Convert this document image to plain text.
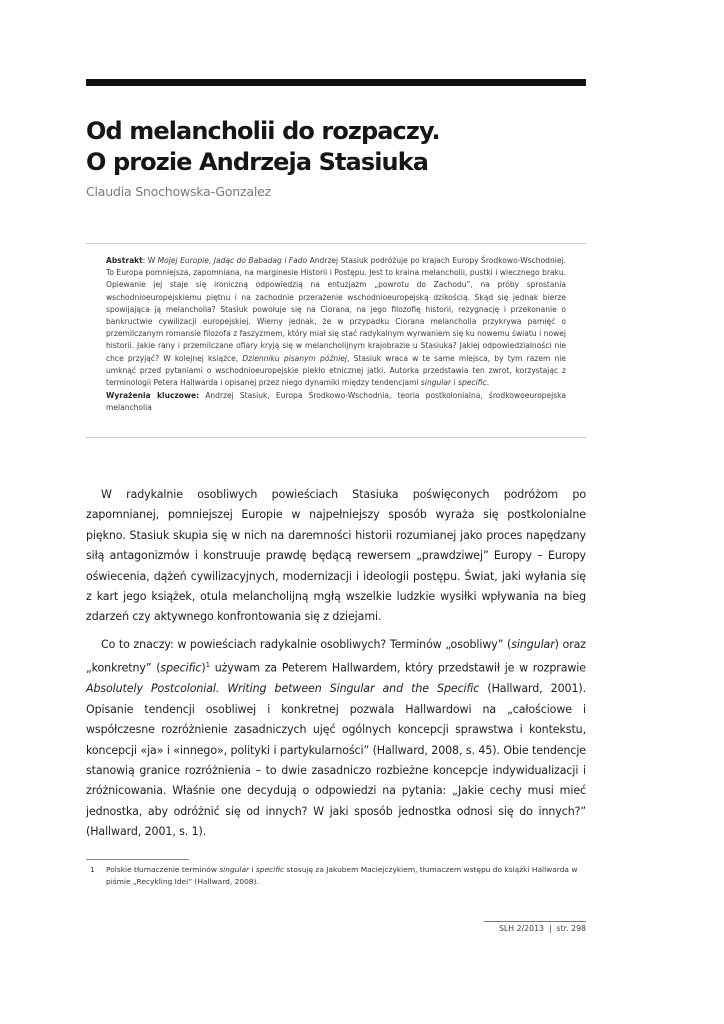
Od melancholii do rozpaczy.
O prozie Andrzeja Stasiuka
Claudia Snochowska-Gonzalez

Abstrakt: W Mojej Europie, Jadąc do Babadag i Fado Andrzej Stasiuk podróżuje po krajach Europy Środkowo-Wschodniej. To Europa pomniejsza, zapomniana, na marginesie Historii i Postępu. Jest to kraina melancholii, pustki i wiecznego braku. Opiewanie jej staje się ironiczną odpowiedzią na entuzjazm „powrotu do Zachodu”, na próby sprostania wschodnioeuropejskiemu piętnu i na zachodnie przerażenie wschodnioeuropejską dzikością. Skąd się jednak bierze spowijająca ją melancholia? Stasiuk powołuje się na Ciorana, na jego filozofię historii, rezygnację i przekonanie o bankructwie cywilizacji europejskiej. Wiemy jednak, że w przypadku Ciorana melancholia przykrywa pamięć o przemilczanym romansie filozofa z faszyzmem, który miał się stać radykalnym wyrwaniem się ku nowemu światu i nowej historii. Jakie rany i przemilczane ofiary kryją się w melancholijnym krajobrazie u Stasiuka? Jakiej odpowiedzialności nie chce przyjąć? W kolejnej książce, Dzienniku pisanym później, Stasiuk wraca w te same miejsca, by tym razem nie umknąć przed pytaniami o wschodnioeuropejskie piekło etnicznej jatki. Autorka przedstawia ten zwrot, korzystając z terminologii Petera Hallwarda i opisanej przez niego dynamiki między tendencjami singular i specific.

Wyrażenia kluczowe: Andrzej Stasiuk, Europa Środkowo-Wschodnia, teoria postkolonialna, środkowoeuropejska melancholia

W radykalnie osobliwych powieściach Stasiuka poświęconych podróżom po zapomnianej, pomniejszej Europie w najpełniejszy sposób wyraża się postkolonialne piękno. Stasiuk skupia się w nich na daremności historii rozumianej jako proces napędzany siłą antagonizmów i konstruuje prawdę będącą rewersem „prawdziwej” Europy – Europy oświecenia, dążeń cywilizacyjnych, modernizacji i ideologii postępu. Świat, jaki wyłania się z kart jego książek, otula melancholijną mgłą wszelkie ludzkie wysiłki wpływania na bieg zdarzeń czy aktywnego konfrontowania się z dziejami.

Co to znaczy: w powieściach radykalnie osobliwych? Terminów „osobliwy” (singular) oraz „konkretny” (specific)$^1$ używam za Peterem Hallwardem, który przedstawił je w rozprawie Absolutely Postcolonial. Writing between Singular and the Specific (Hallward, 2001). Opisanie tendencji osobliwej i konkretnej pozwala Hallwardowi na „całościowe i współczesne rozróżnienie zasadniczych ujęć ogólnych koncepcji sprawstwa i kontekstu, koncepcji «ja» i «innego», polityki i partykularności” (Hallward, 2008, s. 45). Obie tendencje stanowią granice rozróżnienia – to dwie zasadniczo rozbieżne koncepcje indywidualizacji i zróżnicowania. Właśnie one decydują o odpowiedzi na pytania: „Jakie cechy musi mieć jednostka, aby odróżnić się od innych? W jaki sposób jednostka odnosi się do innych?” (Hallward, 2001, s. 1).

1 Polskie tłumaczenie terminów singular i specific stosuję za Jakubem Maciejczykiem, tłumaczem wstępu do książki Hallwarda w piśmie „Recykling Idei” (Hallward, 2008).
SLH 2/2013  |  str. 298
